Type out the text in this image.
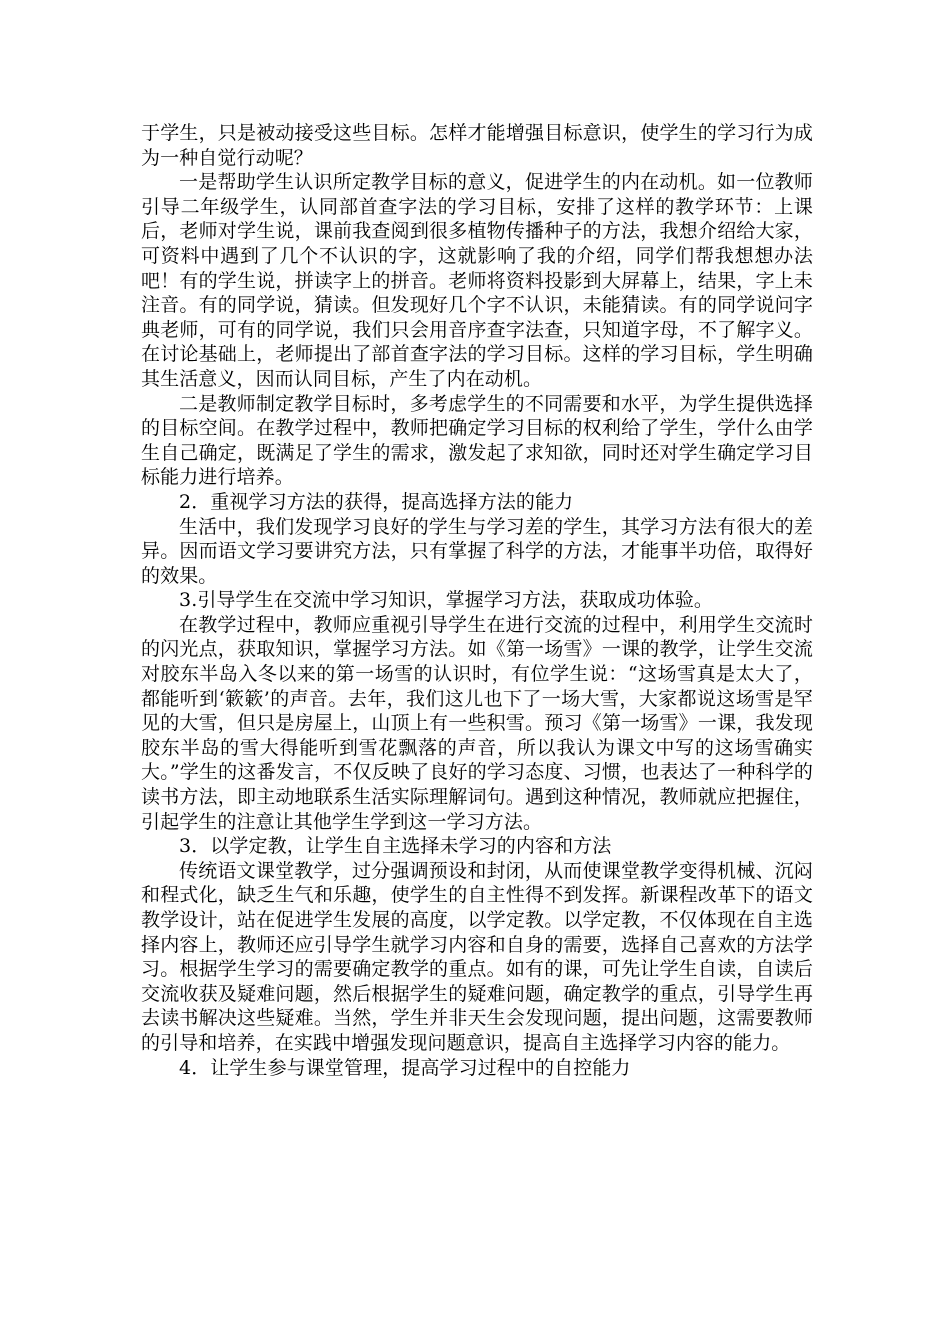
于学生，只是被动接受这些目标。怎样才能增强目标意识，使学生的学习行为成为一种自觉行动呢？

一是帮助学生认识所定教学目标的意义，促进学生的内在动机。如一位教师引导二年级学生，认同部首查字法的学习目标，安排了这样的教学环节：上课后，老师对学生说，课前我查阅到很多植物传播种子的方法，我想介绍给大家，可资料中遇到了几个不认识的字，这就影响了我的介绍，同学们帮我想想办法吧！有的学生说，拼读字上的拼音。老师将资料投影到大屏幕上，结果，字上未注音。有的同学说，猜读。但发现好几个字不认识，未能猜读。有的同学说问字典老师，可有的同学说，我们只会用音序查字法查，只知道字母，不了解字义。在讨论基础上，老师提出了部首查字法的学习目标。这样的学习目标，学生明确其生活意义，因而认同目标，产生了内在动机。

二是教师制定教学目标时，多考虑学生的不同需要和水平，为学生提供选择的目标空间。在教学过程中，教师把确定学习目标的权利给了学生，学什么由学生自己确定，既满足了学生的需求，激发起了求知欲，同时还对学生确定学习目标能力进行培养。

2．重视学习方法的获得，提高选择方法的能力

生活中，我们发现学习良好的学生与学习差的学生，其学习方法有很大的差异。因而语文学习要讲究方法，只有掌握了科学的方法，才能事半功倍，取得好的效果。

3.引导学生在交流中学习知识，掌握学习方法，获取成功体验。

在教学过程中，教师应重视引导学生在进行交流的过程中，利用学生交流时的闪光点，获取知识，掌握学习方法。如《第一场雪》一课的教学，让学生交流对胶东半岛入冬以来的第一场雪的认识时，有位学生说：“这场雪真是太大了，都能听到‘簌簌’的声音。去年，我们这儿也下了一场大雪，大家都说这场雪是罕见的大雪，但只是房屋上，山顶上有一些积雪。预习《第一场雪》一课，我发现胶东半岛的雪大得能听到雪花飘落的声音，所以我认为课文中写的这场雪确实大。”学生的这番发言，不仅反映了良好的学习态度、习惯，也表达了一种科学的读书方法，即主动地联系生活实际理解词句。遇到这种情况，教师就应把握住，引起学生的注意让其他学生学到这一学习方法。

3．以学定教，让学生自主选择未学习的内容和方法

传统语文课堂教学，过分强调预设和封闭，从而使课堂教学变得机械、沉闷和程式化，缺乏生气和乐趣，使学生的自主性得不到发挥。新课程改革下的语文教学设计，站在促进学生发展的高度，以学定教。以学定教，不仅体现在自主选择内容上，教师还应引导学生就学习内容和自身的需要，选择自己喜欢的方法学习。根据学生学习的需要确定教学的重点。如有的课，可先让学生自读，自读后交流收获及疑难问题，然后根据学生的疑难问题，确定教学的重点，引导学生再去读书解决这些疑难。当然，学生并非天生会发现问题，提出问题，这需要教师的引导和培养，在实践中增强发现问题意识，提高自主选择学习内容的能力。

4．让学生参与课堂管理，提高学习过程中的自控能力
